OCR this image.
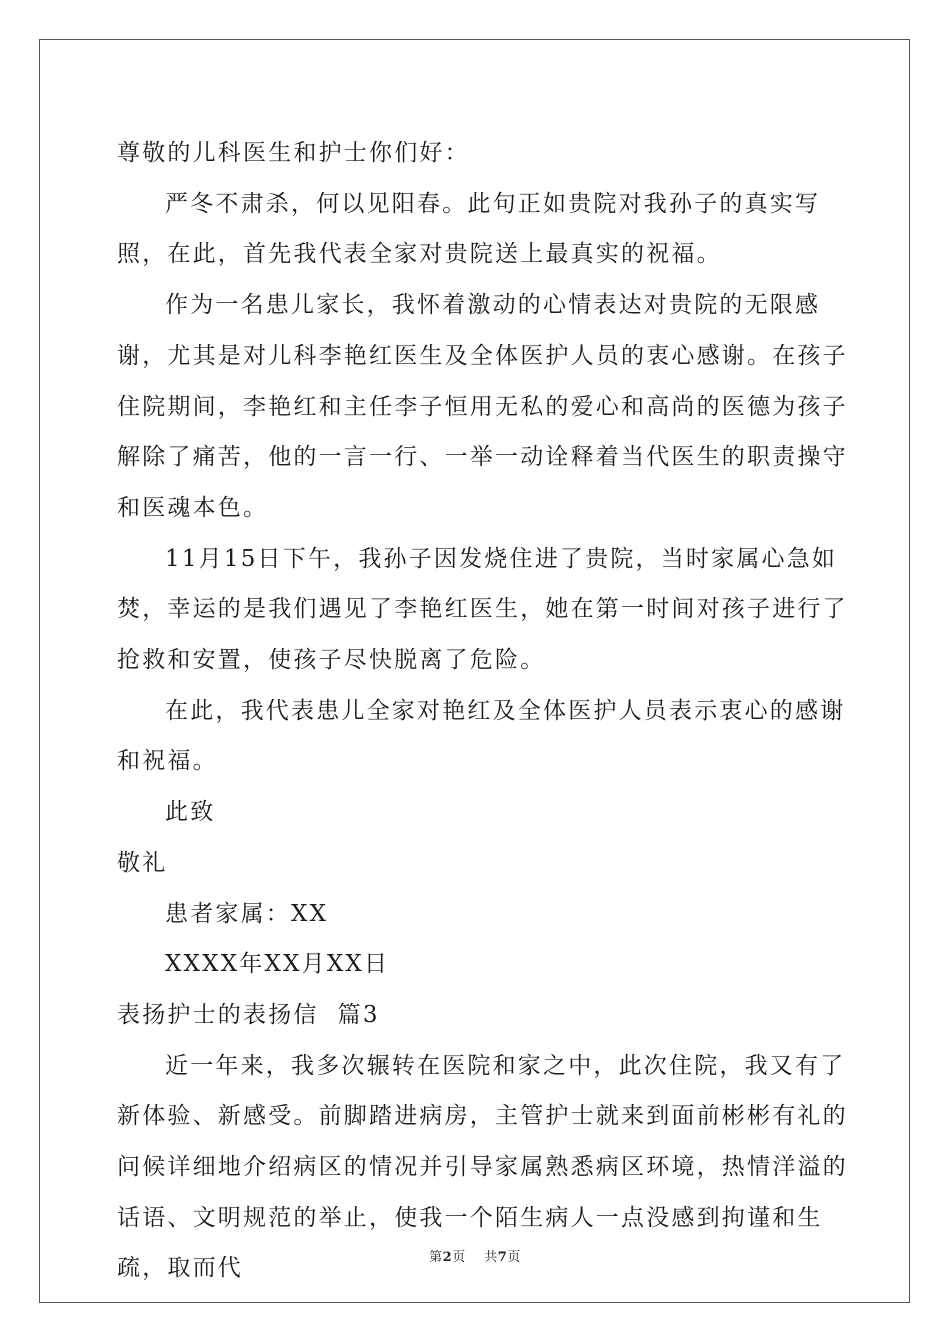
尊敬的儿科医生和护士你们好：

严冬不肃杀，何以见阳春。此句正如贵院对我孙子的真实写照，在此，首先我代表全家对贵院送上最真实的祝福。

作为一名患儿家长，我怀着激动的心情表达对贵院的无限感谢，尤其是对儿科李艳红医生及全体医护人员的衷心感谢。在孩子住院期间，李艳红和主任李子恒用无私的爱心和高尚的医德为孩子解除了痛苦，他的一言一行、一举一动诠释着当代医生的职责操守和医魂本色。

11月15日下午，我孙子因发烧住进了贵院，当时家属心急如焚，幸运的是我们遇见了李艳红医生，她在第一时间对孩子进行了抢救和安置，使孩子尽快脱离了危险。

在此，我代表患儿全家对艳红及全体医护人员表示衷心的感谢和祝福。

此致

敬礼

患者家属：XX

XXXX年XX月XX日

表扬护士的表扬信  篇3

近一年来，我多次辗转在医院和家之中，此次住院，我又有了新体验、新感受。前脚踏进病房，主管护士就来到面前彬彬有礼的问候详细地介绍病区的情况并引导家属熟悉病区环境，热情洋溢的话语、文明规范的举止，使我一个陌生病人一点没感到拘谨和生疏，取而代	第2页 共7页
